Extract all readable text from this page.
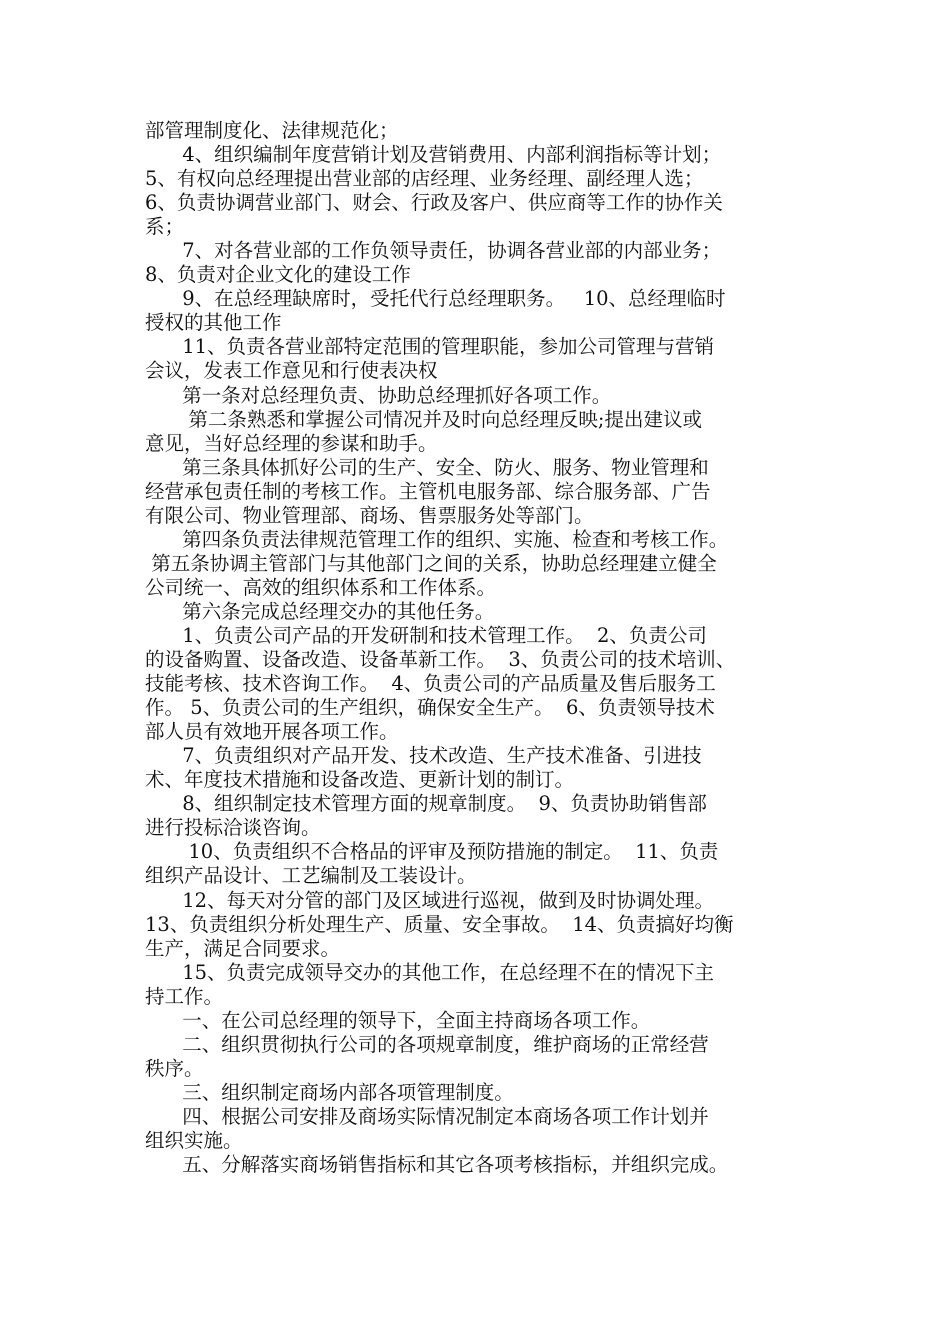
部管理制度化、法律规范化；
4、组织编制年度营销计划及营销费用、内部利润指标等计划；
5、有权向总经理提出营业部的店经理、业务经理、副经理人选；
6、负责协调营业部门、财会、行政及客户、供应商等工作的协作关
系；
7、对各营业部的工作负领导责任，协调各营业部的内部业务；
8、负责对企业文化的建设工作
9、在总经理缺席时，受托代行总经理职务。   10、总经理临时
授权的其他工作
11、负责各营业部特定范围的管理职能，参加公司管理与营销
会议，发表工作意见和行使表决权
第一条对总经理负责、协助总经理抓好各项工作。
第二条熟悉和掌握公司情况并及时向总经理反映;提出建议或
意见，当好总经理的参谋和助手。
第三条具体抓好公司的生产、安全、防火、服务、物业管理和
经营承包责任制的考核工作。主管机电服务部、综合服务部、广告
有限公司、物业管理部、商场、售票服务处等部门。
第四条负责法律规范管理工作的组织、实施、检查和考核工作。
第五条协调主管部门与其他部门之间的关系，协助总经理建立健全
公司统一、高效的组织体系和工作体系。
第六条完成总经理交办的其他任务。
1、负责公司产品的开发研制和技术管理工作。  2、负责公司
的设备购置、设备改造、设备革新工作。  3、负责公司的技术培训、
技能考核、技术咨询工作。  4、负责公司的产品质量及售后服务工
作。 5、负责公司的生产组织，确保安全生产。  6、负责领导技术
部人员有效地开展各项工作。
7、负责组织对产品开发、技术改造、生产技术准备、引进技
术、年度技术措施和设备改造、更新计划的制订。
8、组织制定技术管理方面的规章制度。  9、负责协助销售部
进行投标洽谈咨询。
10、负责组织不合格品的评审及预防措施的制定。  11、负责
组织产品设计、工艺编制及工装设计。
12、每天对分管的部门及区域进行巡视，做到及时协调处理。
13、负责组织分析处理生产、质量、安全事故。  14、负责搞好均衡
生产，满足合同要求。
15、负责完成领导交办的其他工作，在总经理不在的情况下主
持工作。
一、在公司总经理的领导下，全面主持商场各项工作。
二、组织贯彻执行公司的各项规章制度，维护商场的正常经营
秩序。
三、组织制定商场内部各项管理制度。
四、根据公司安排及商场实际情况制定本商场各项工作计划并
组织实施。
五、分解落实商场销售指标和其它各项考核指标，并组织完成。
